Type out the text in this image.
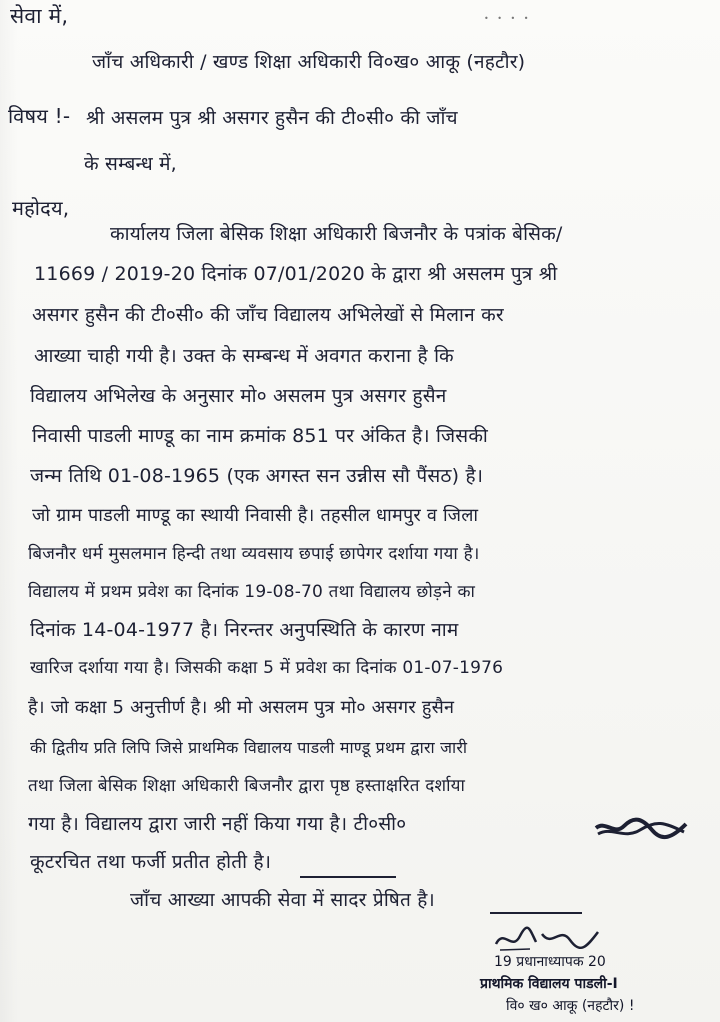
• • • •
सेवा में,
जाँच अधिकारी / खण्ड शिक्षा अधिकारी वि०ख० आकू (नहटौर)
विषय !- श्री असलम पुत्र श्री असगर हुसैन की टी०सी० की जाँच
के सम्बन्ध में,
महोदय,
कार्यालय जिला बेसिक शिक्षा अधिकारी बिजनौर के पत्रांक बेसिक/
11669 / 2019-20 दिनांक 07/01/2020 के द्वारा श्री असलम पुत्र श्री
असगर हुसैन की टी०सी० की जाँच विद्यालय अभिलेखों से मिलान कर
आख्या चाही गयी है। उक्त के सम्बन्ध में अवगत कराना है कि
विद्यालय अभिलेख के अनुसार मो० असलम पुत्र असगर हुसैन
निवासी पाडली माण्डू का नाम क्रमांक 851 पर अंकित है। जिसकी
जन्म तिथि 01-08-1965 (एक अगस्त सन उन्नीस सौ पैंसठ) है।
जो ग्राम पाडली माण्डू का स्थायी निवासी है। तहसील धामपुर व जिला
बिजनौर धर्म मुसलमान हिन्दी तथा व्यवसाय छपाई छापेगर दर्शाया गया है।
विद्यालय में प्रथम प्रवेश का दिनांक 19-08-70 तथा विद्यालय छोड़ने का
दिनांक 14-04-1977 है। निरन्तर अनुपस्थिति के कारण नाम
खारिज दर्शाया गया है। जिसकी कक्षा 5 में प्रवेश का दिनांक 01-07-1976
है। जो कक्षा 5 अनुत्तीर्ण है। श्री मो असलम पुत्र मो० असगर हुसैन
की द्वितीय प्रति लिपि जिसे प्राथमिक विद्यालय पाडली माण्डू प्रथम द्वारा जारी
तथा जिला बेसिक शिक्षा अधिकारी बिजनौर द्वारा पृष्ठ हस्ताक्षरित दर्शाया
गया है। विद्यालय द्वारा जारी नहीं किया गया है। टी०सी०
कूटरचित तथा फर्जी प्रतीत होती है।
जाँच आख्या आपकी सेवा में सादर प्रेषित है।
19 प्रधानाध्यापक 20
प्राथमिक विद्यालय पाडली-I
वि० ख० आकू (नहटौर) !
